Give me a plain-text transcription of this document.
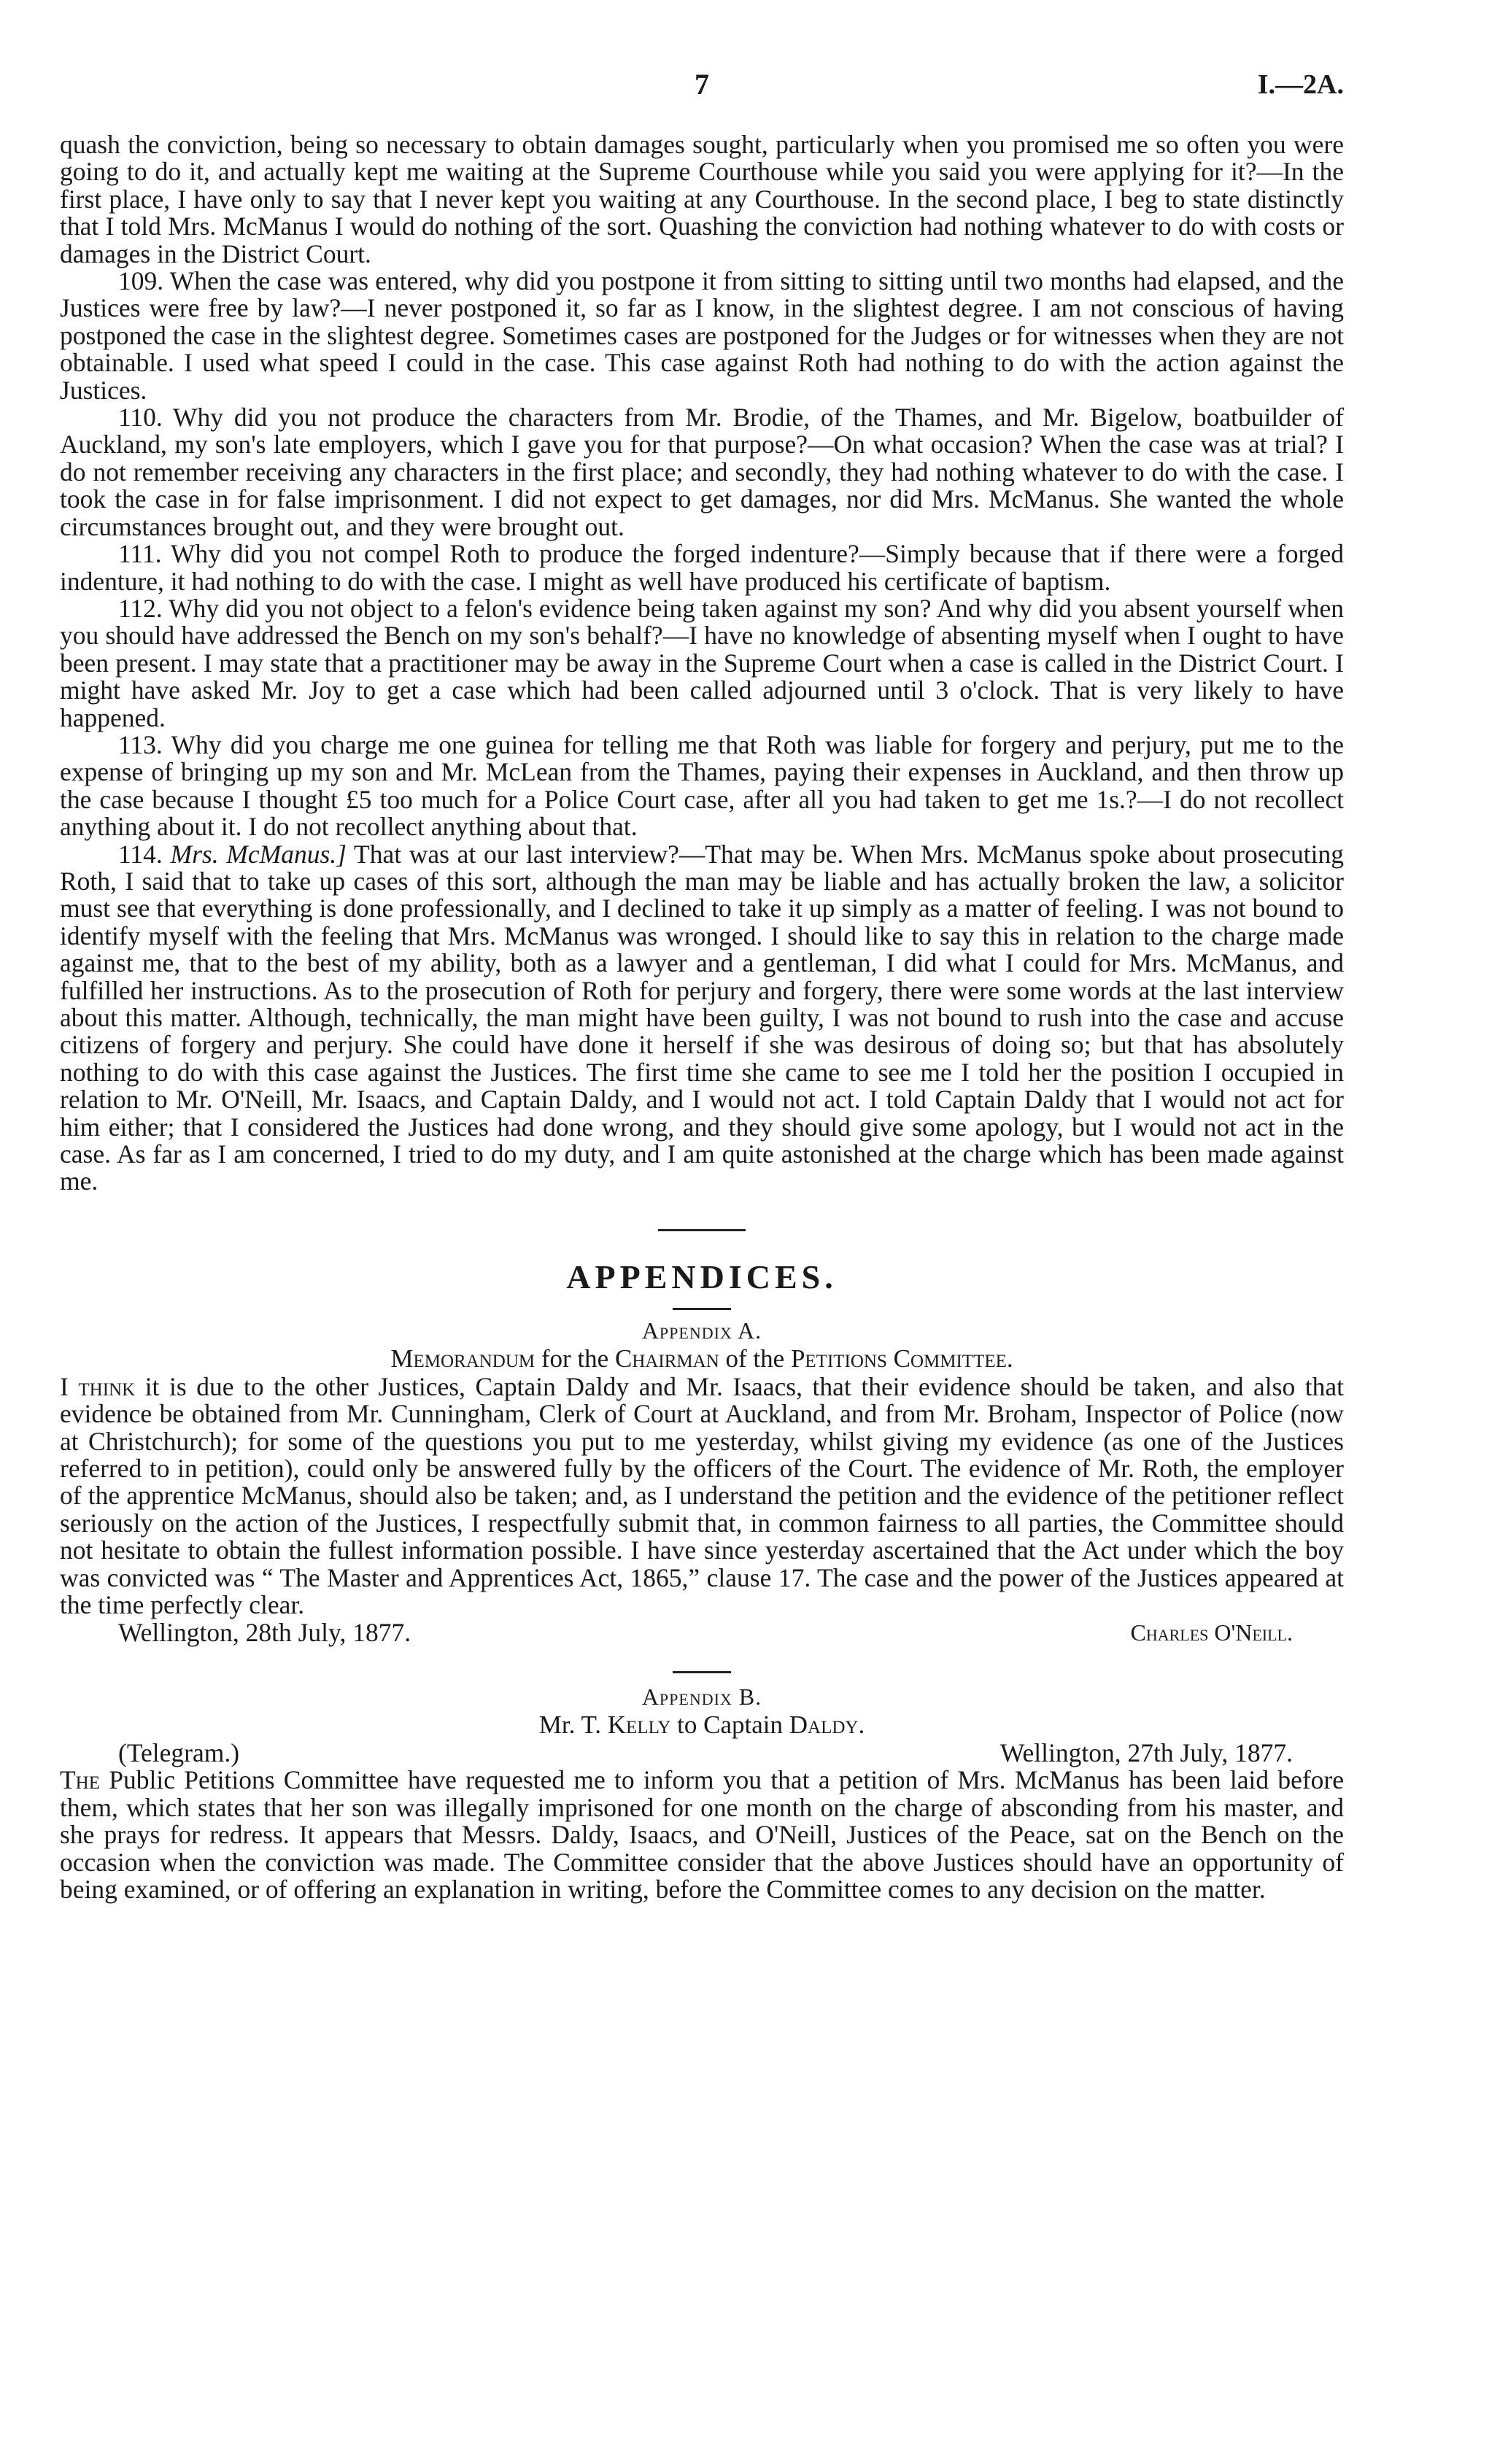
7	I.—2A.

quash the conviction, being so necessary to obtain damages sought, particularly when you promised me so often you were going to do it, and actually kept me waiting at the Supreme Courthouse while you said you were applying for it?—In the first place, I have only to say that I never kept you waiting at any Courthouse. In the second place, I beg to state distinctly that I told Mrs. McManus I would do nothing of the sort. Quashing the conviction had nothing whatever to do with costs or damages in the District Court.

109. When the case was entered, why did you postpone it from sitting to sitting until two months had elapsed, and the Justices were free by law?—I never postponed it, so far as I know, in the slightest degree. I am not conscious of having postponed the case in the slightest degree. Sometimes cases are postponed for the Judges or for witnesses when they are not obtainable. I used what speed I could in the case. This case against Roth had nothing to do with the action against the Justices.

110. Why did you not produce the characters from Mr. Brodie, of the Thames, and Mr. Bigelow, boatbuilder of Auckland, my son's late employers, which I gave you for that purpose?—On what occasion? When the case was at trial? I do not remember receiving any characters in the first place; and secondly, they had nothing whatever to do with the case. I took the case in for false imprisonment. I did not expect to get damages, nor did Mrs. McManus. She wanted the whole circumstances brought out, and they were brought out.

111. Why did you not compel Roth to produce the forged indenture?—Simply because that if there were a forged indenture, it had nothing to do with the case. I might as well have produced his certificate of baptism.

112. Why did you not object to a felon's evidence being taken against my son? And why did you absent yourself when you should have addressed the Bench on my son's behalf?—I have no knowledge of absenting myself when I ought to have been present. I may state that a practitioner may be away in the Supreme Court when a case is called in the District Court. I might have asked Mr. Joy to get a case which had been called adjourned until 3 o'clock. That is very likely to have happened.

113. Why did you charge me one guinea for telling me that Roth was liable for forgery and perjury, put me to the expense of bringing up my son and Mr. McLean from the Thames, paying their expenses in Auckland, and then throw up the case because I thought £5 too much for a Police Court case, after all you had taken to get me 1s.?—I do not recollect anything about it. I do not recollect anything about that.

114. Mrs. McManus.] That was at our last interview?—That may be. When Mrs. McManus spoke about prosecuting Roth, I said that to take up cases of this sort, although the man may be liable and has actually broken the law, a solicitor must see that everything is done professionally, and I declined to take it up simply as a matter of feeling. I was not bound to identify myself with the feeling that Mrs. McManus was wronged. I should like to say this in relation to the charge made against me, that to the best of my ability, both as a lawyer and a gentleman, I did what I could for Mrs. McManus, and fulfilled her instructions. As to the prosecution of Roth for perjury and forgery, there were some words at the last interview about this matter. Although, technically, the man might have been guilty, I was not bound to rush into the case and accuse citizens of forgery and perjury. She could have done it herself if she was desirous of doing so; but that has absolutely nothing to do with this case against the Justices. The first time she came to see me I told her the position I occupied in relation to Mr. O'Neill, Mr. Isaacs, and Captain Daldy, and I would not act. I told Captain Daldy that I would not act for him either; that I considered the Justices had done wrong, and they should give some apology, but I would not act in the case. As far as I am concerned, I tried to do my duty, and I am quite astonished at the charge which has been made against me.

APPENDICES.
Appendix A.
Memorandum for the Chairman of the Petitions Committee.

I think it is due to the other Justices, Captain Daldy and Mr. Isaacs, that their evidence should be taken, and also that evidence be obtained from Mr. Cunningham, Clerk of Court at Auckland, and from Mr. Broham, Inspector of Police (now at Christchurch); for some of the questions you put to me yesterday, whilst giving my evidence (as one of the Justices referred to in petition), could only be answered fully by the officers of the Court. The evidence of Mr. Roth, the employer of the apprentice McManus, should also be taken; and, as I understand the petition and the evidence of the petitioner reflect seriously on the action of the Justices, I respectfully submit that, in common fairness to all parties, the Committee should not hesitate to obtain the fullest information possible. I have since yesterday ascertained that the Act under which the boy was convicted was “ The Master and Apprentices Act, 1865,” clause 17. The case and the power of the Justices appeared at the time perfectly clear.

Wellington, 28th July, 1877.	Charles O'Neill.
Appendix B.
Mr. T. Kelly to Captain Daldy.
(Telegram.)	Wellington, 27th July, 1877.

The Public Petitions Committee have requested me to inform you that a petition of Mrs. McManus has been laid before them, which states that her son was illegally imprisoned for one month on the charge of absconding from his master, and she prays for redress. It appears that Messrs. Daldy, Isaacs, and O'Neill, Justices of the Peace, sat on the Bench on the occasion when the conviction was made. The Committee consider that the above Justices should have an opportunity of being examined, or of offering an explanation in writing, before the Committee comes to any decision on the matter.
